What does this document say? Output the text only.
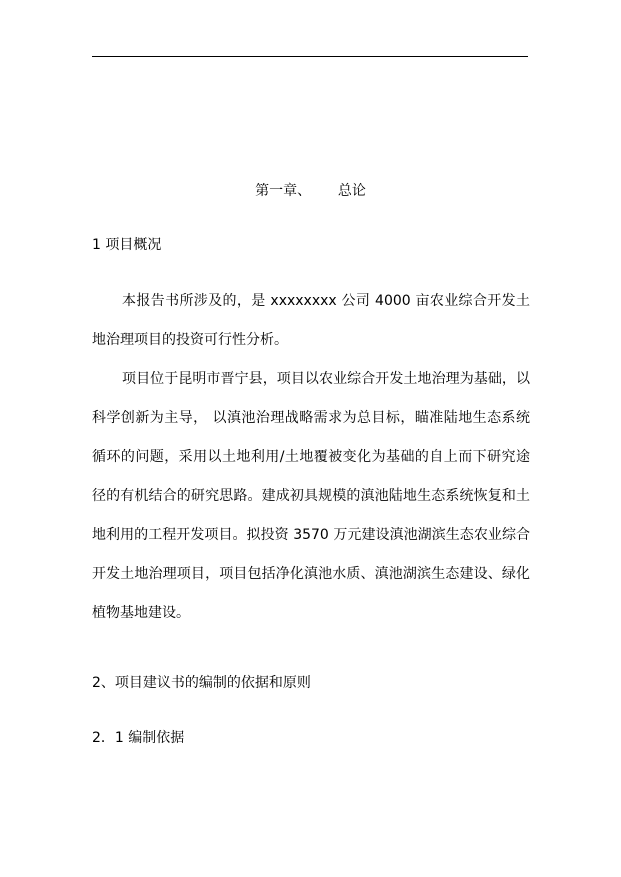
第一章、      总论
1 项目概况

本报告书所涉及的，是 xxxxxxxx 公司 4000 亩农业综合开发土地治理项目的投资可行性分析。

项目位于昆明市晋宁县，项目以农业综合开发土地治理为基础，以科学创新为主导， 以滇池治理战略需求为总目标，瞄准陆地生态系统循环的问题，采用以土地利用/土地覆被变化为基础的自上而下研究途径的有机结合的研究思路。建成初具规模的滇池陆地生态系统恢复和土地利用的工程开发项目。拟投资 3570 万元建设滇池湖滨生态农业综合开发土地治理项目，项目包括净化滇池水质、滇池湖滨生态建设、绿化植物基地建设。

2、项目建议书的编制的依据和原则
2．1 编制依据
